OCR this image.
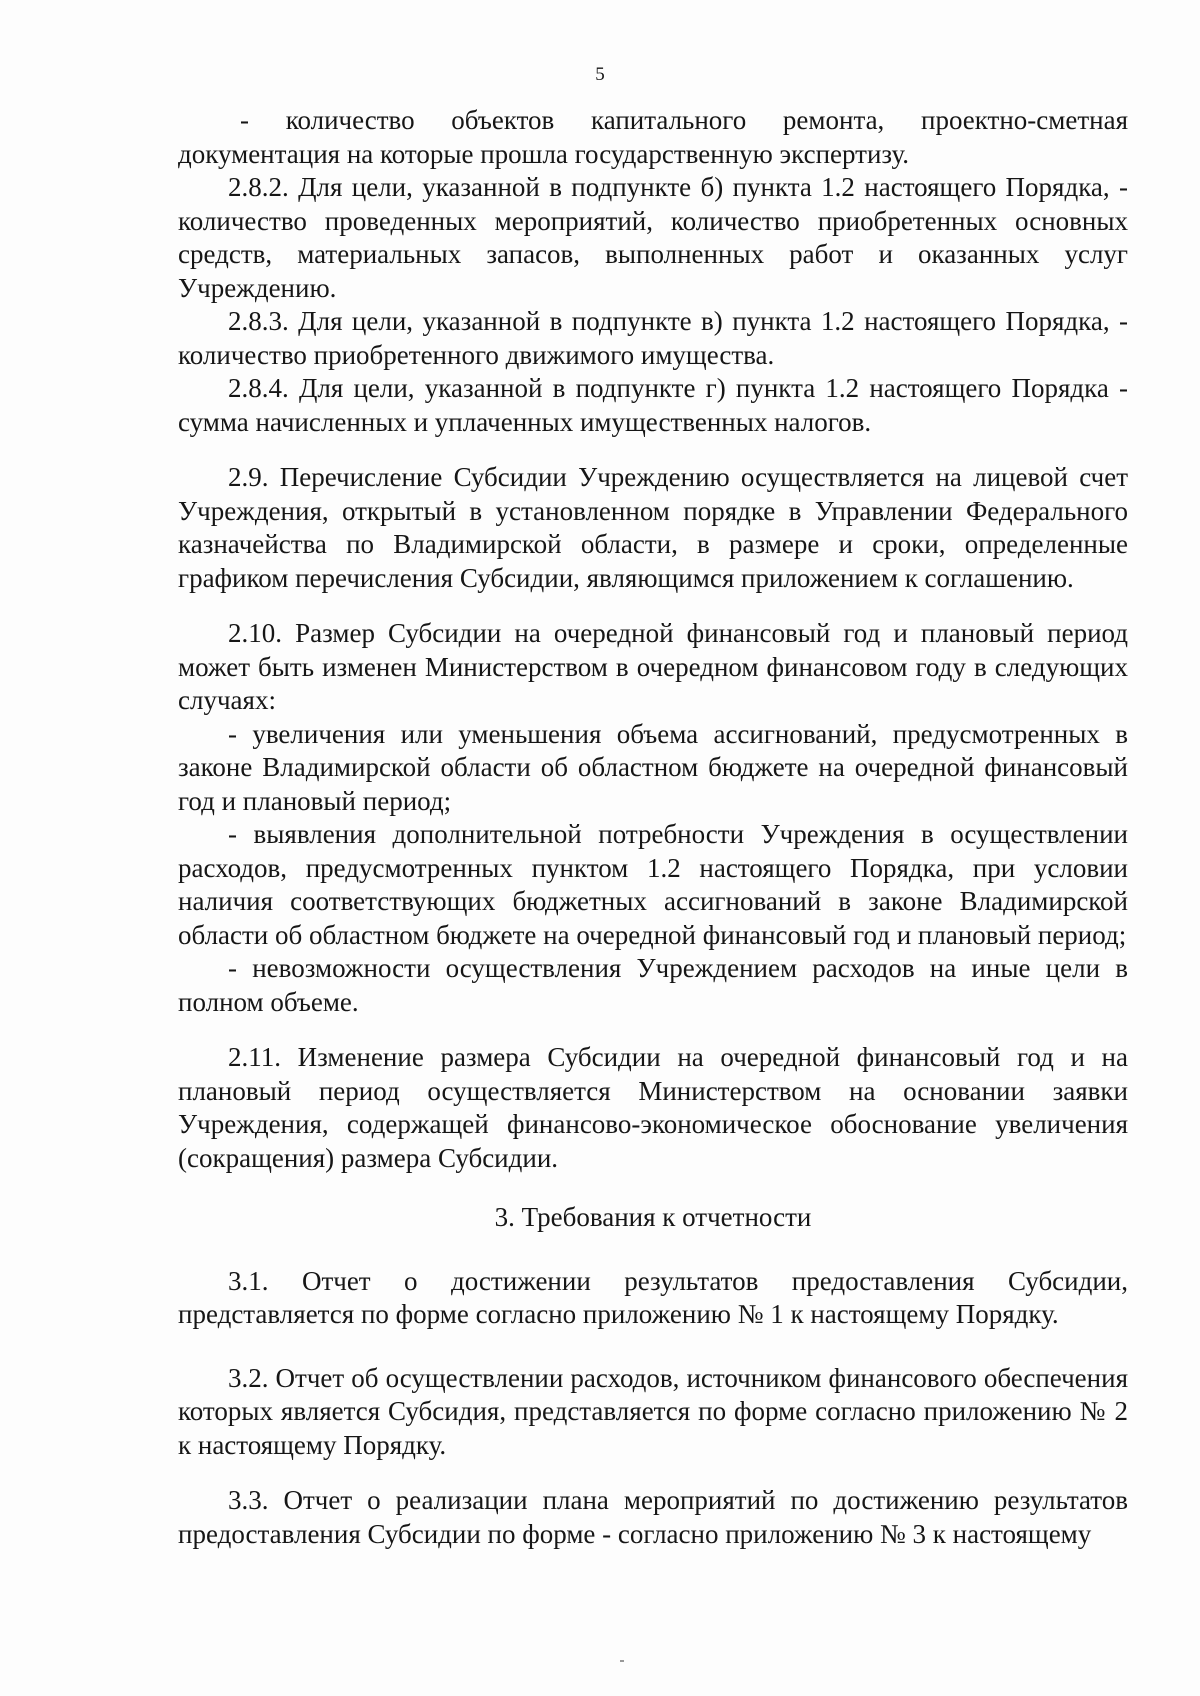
5

- количество объектов капитального ремонта, проектно-сметная документация на которые прошла государственную экспертизу.

2.8.2. Для цели, указанной в подпункте б) пункта 1.2 настоящего Порядка, - количество проведенных мероприятий, количество приобретенных основных средств, материальных запасов, выполненных работ и оказанных услуг Учреждению.

2.8.3. Для цели, указанной в подпункте в) пункта 1.2 настоящего Порядка, - количество приобретенного движимого имущества.

2.8.4. Для цели, указанной в подпункте г) пункта 1.2 настоящего Порядка - сумма начисленных и уплаченных имущественных налогов.

2.9. Перечисление Субсидии Учреждению осуществляется на лицевой счет Учреждения, открытый в установленном порядке в Управлении Федерального казначейства по Владимирской области, в размере и сроки, определенные графиком перечисления Субсидии, являющимся приложением к соглашению.

2.10. Размер Субсидии на очередной финансовый год и плановый период может быть изменен Министерством в очередном финансовом году в следующих случаях:

- увеличения или уменьшения объема ассигнований, предусмотренных в законе Владимирской области об областном бюджете на очередной финансовый год и плановый период;

- выявления дополнительной потребности Учреждения в осуществлении расходов, предусмотренных пунктом 1.2 настоящего Порядка, при условии наличия соответствующих бюджетных ассигнований в законе Владимирской области об областном бюджете на очередной финансовый год и плановый период;

- невозможности осуществления Учреждением расходов на иные цели в полном объеме.

2.11. Изменение размера Субсидии на очередной финансовый год и на плановый период осуществляется Министерством на основании заявки Учреждения, содержащей финансово-экономическое обоснование увеличения (сокращения) размера Субсидии.

3. Требования к отчетности

3.1. Отчет о достижении результатов предоставления Субсидии, представляется по форме согласно приложению № 1 к настоящему Порядку.

3.2. Отчет об осуществлении расходов, источником финансового обеспечения которых является Субсидия, представляется по форме согласно приложению № 2 к настоящему Порядку.

3.3. Отчет о реализации плана мероприятий по достижению результатов предоставления Субсидии по форме - согласно приложению № 3 к настоящему
